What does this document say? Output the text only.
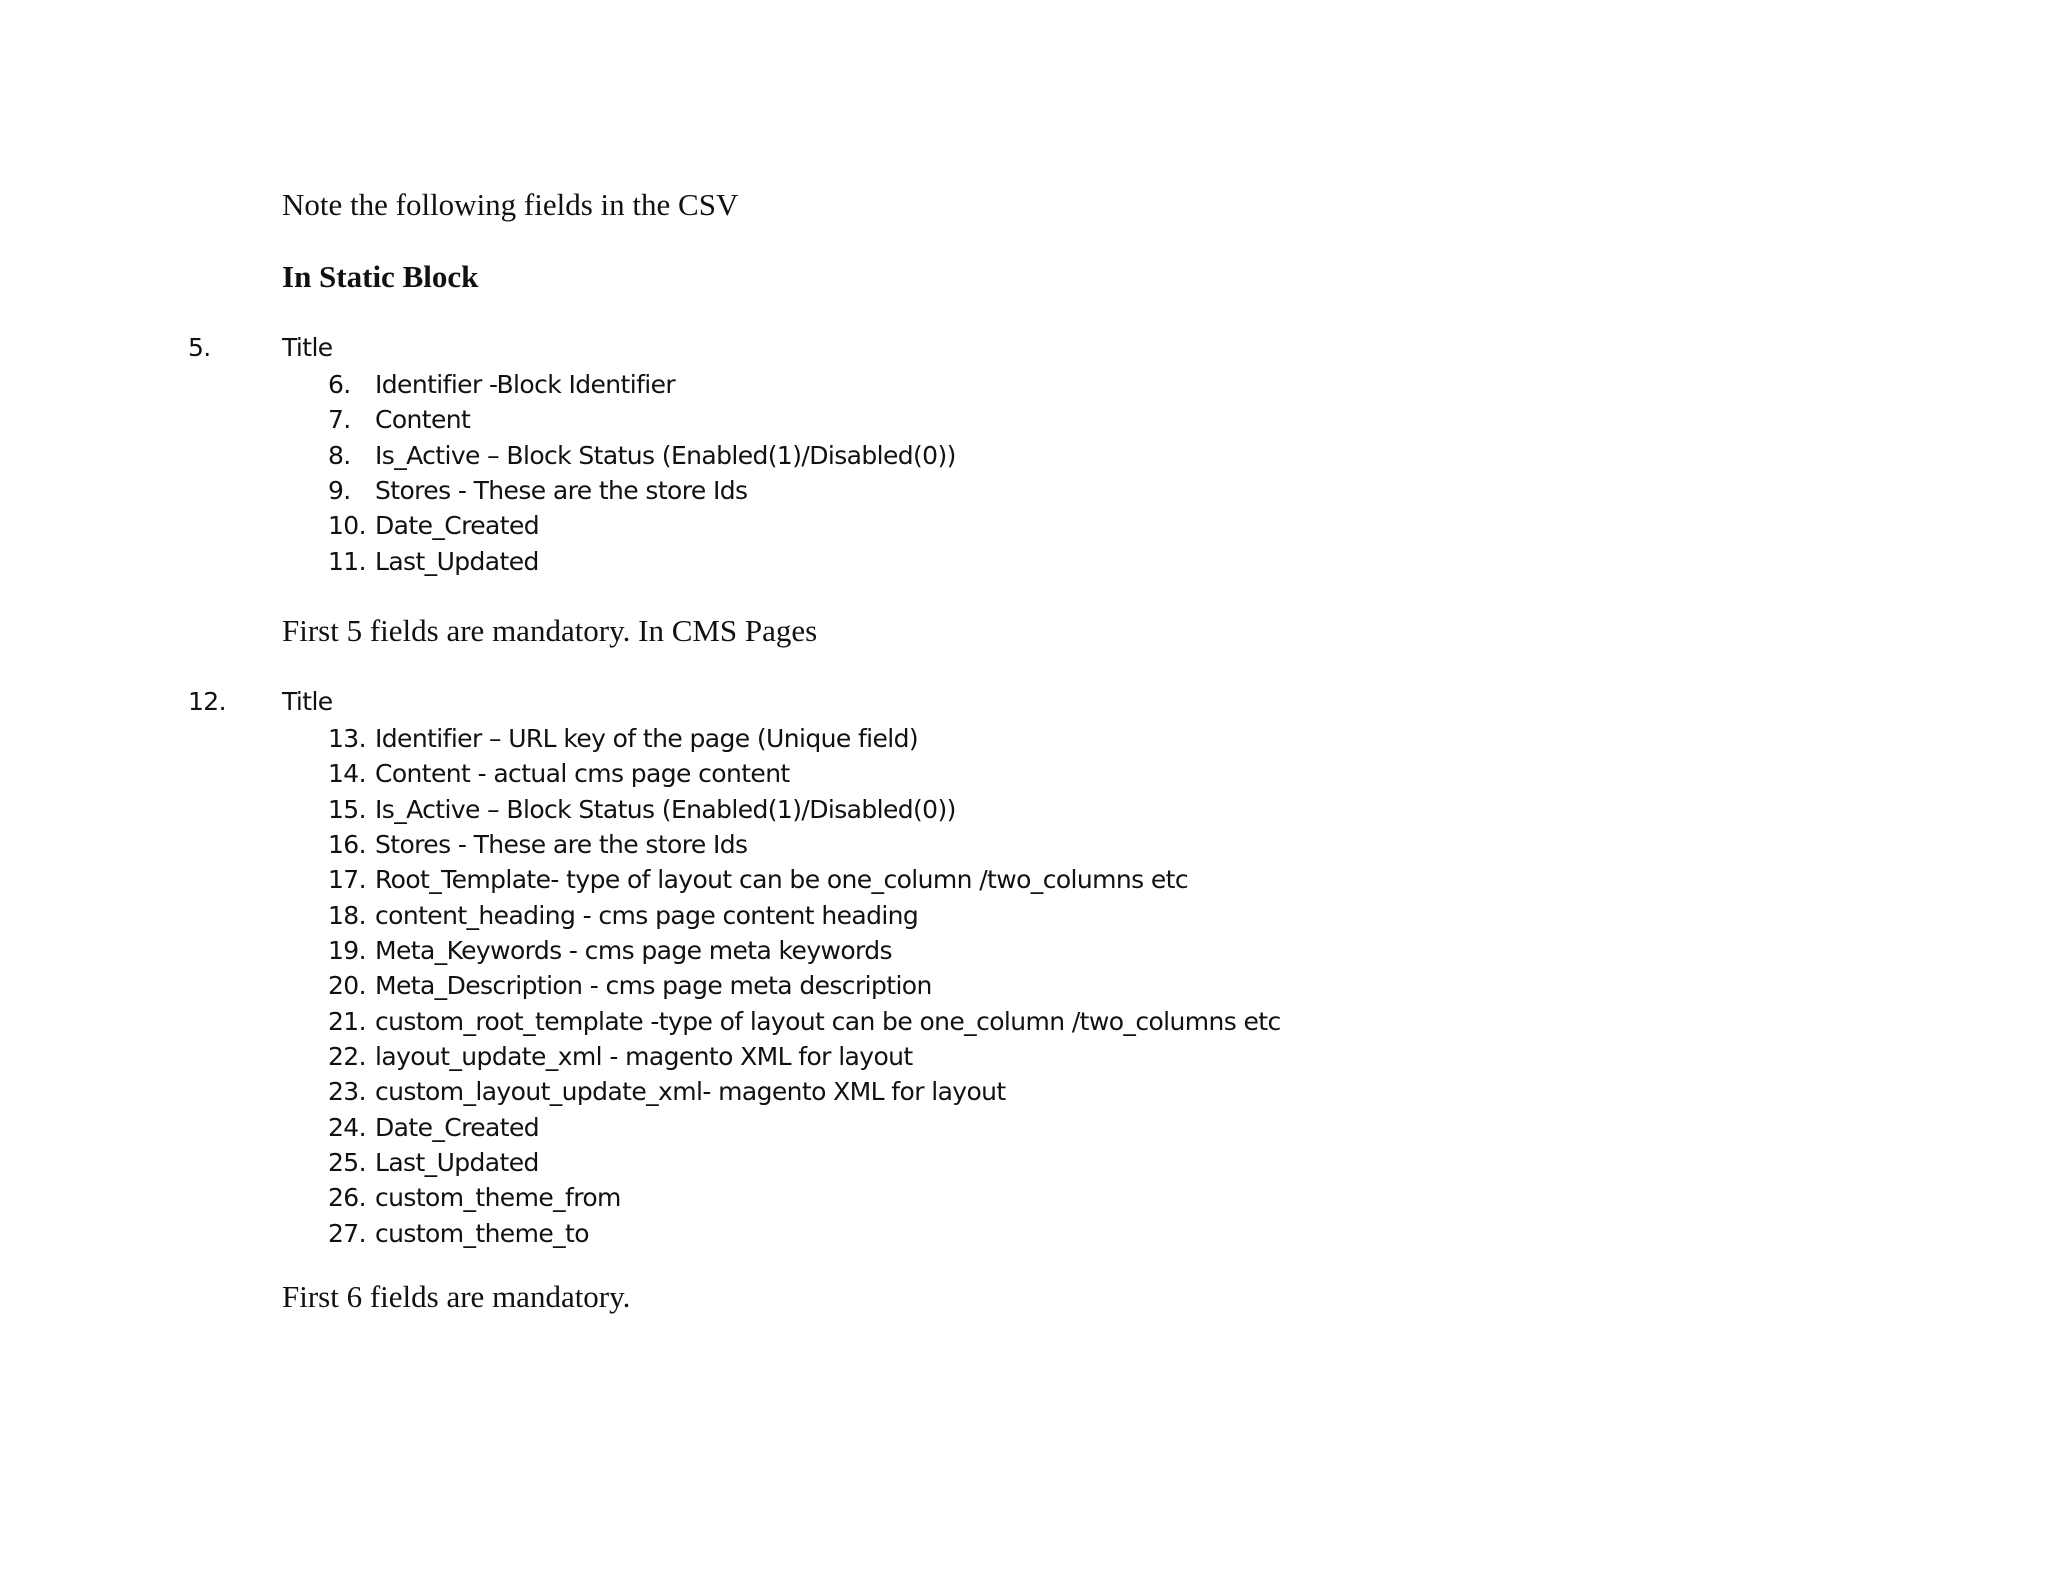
Note the following fields in the CSV
In Static Block
5.	Title
6. Identifier -Block Identifier
7. Content
8. Is_Active – Block Status (Enabled(1)/Disabled(0))
9. Stores - These are the store Ids
10. Date_Created
11. Last_Updated
First 5 fields are mandatory. In CMS Pages
12. Title
13. Identifier – URL key of the page (Unique field)
14. Content - actual cms page content
15. Is_Active – Block Status (Enabled(1)/Disabled(0))
16. Stores - These are the store Ids
17. Root_Template- type of layout can be one_column /two_columns etc
18. content_heading - cms page content heading
19. Meta_Keywords - cms page meta keywords
20. Meta_Description - cms page meta description
21. custom_root_template -type of layout can be one_column /two_columns etc
22. layout_update_xml - magento XML for layout
23. custom_layout_update_xml- magento XML for layout
24. Date_Created
25. Last_Updated
26. custom_theme_from
27. custom_theme_to
First 6 fields are mandatory.
